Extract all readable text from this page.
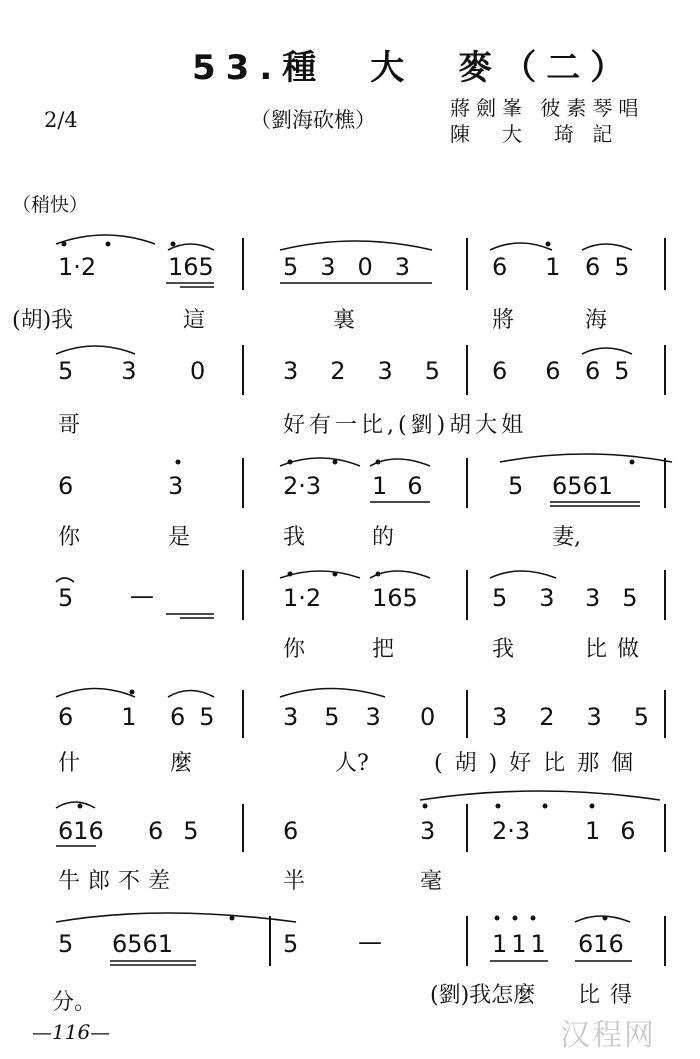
53.種　大　麥（二）
2/4	（劉海砍樵）	蔣劍峯 彼素琴唱
陳　大　琦 記
（稍快）
1·2	165	5303 61
65
(胡)我	這	裏	將	海
53 0	3235 66
65
哥	好有一比,(劉)胡大姐
6	3	2·3 16	5 6561
你	是	我	的	妻,
5 —	1·2 165	53
35
你	把	我	比做
61
65 353 0 3235
什	麼	人?	(胡)好比那個
616 65	6	3 2·3 16
牛郎不差	半	毫
5 6561	5 —	111 616
分。	(劉)我怎麼 比得
—116—	汉程网
